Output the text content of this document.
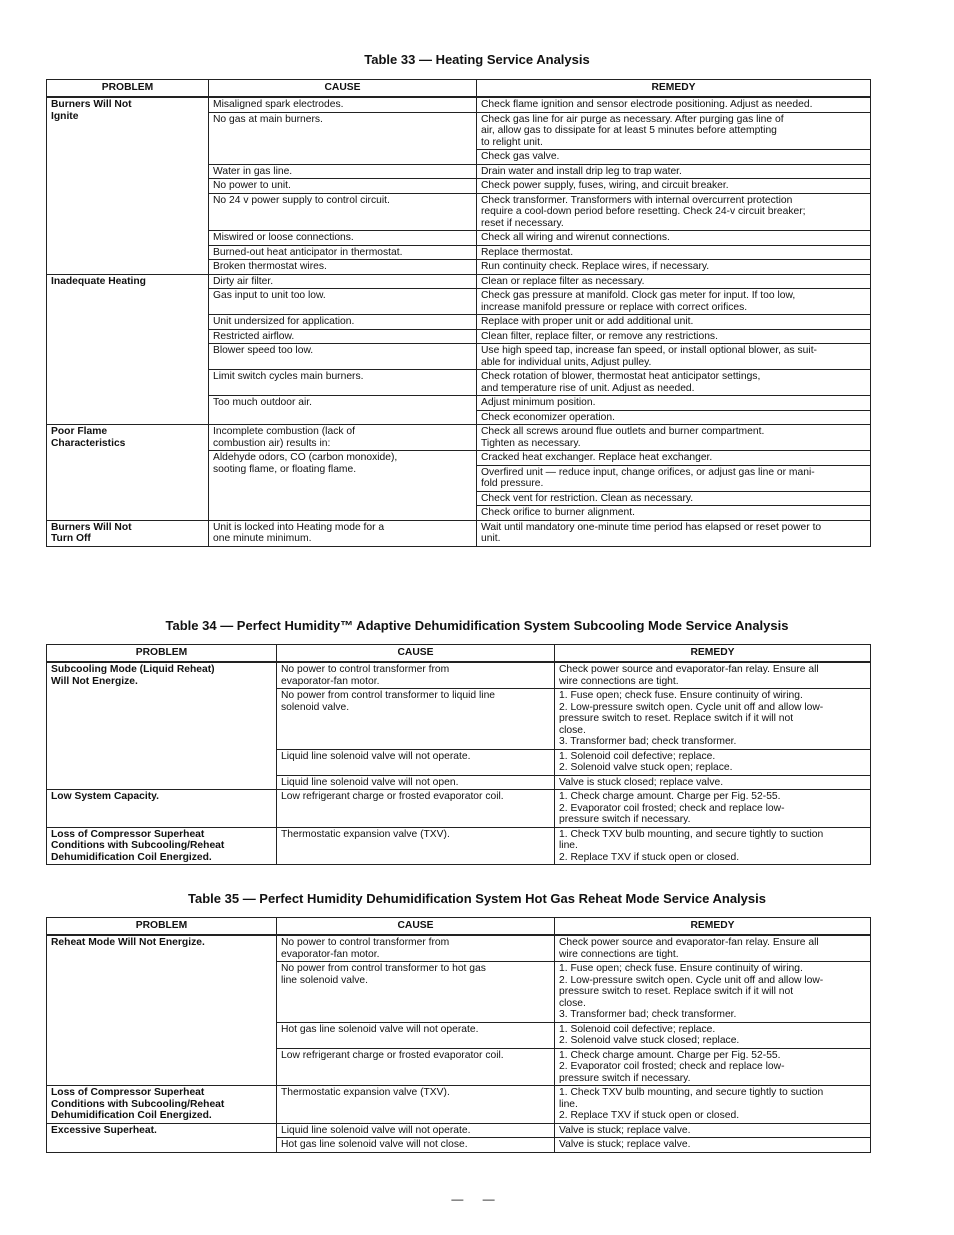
Table 33 — Heating Service Analysis
PROBLEM	CAUSE	REMEDY
Burners Will Not
Ignite	Misaligned spark electrodes.	Check flame ignition and sensor electrode positioning. Adjust as needed.
	No gas at main burners.	Check gas line for air purge as necessary. After purging gas line of
air, allow gas to dissipate for at least 5 minutes before attempting
to relight unit.
		Check gas valve.
	Water in gas line.	Drain water and install drip leg to trap water.
	No power to unit.	Check power supply, fuses, wiring, and circuit breaker.
	No 24 v power supply to control circuit.	Check transformer. Transformers with internal overcurrent protection
require a cool-down period before resetting. Check 24-v circuit breaker;
reset if necessary.
	Miswired or loose connections.	Check all wiring and wirenut connections.
	Burned-out heat anticipator in thermostat.	Replace thermostat.
	Broken thermostat wires.	Run continuity check. Replace wires, if necessary.
Inadequate Heating	Dirty air filter.	Clean or replace filter as necessary.
	Gas input to unit too low.	Check gas pressure at manifold. Clock gas meter for input. If too low,
increase manifold pressure or replace with correct orifices.
	Unit undersized for application.	Replace with proper unit or add additional unit.
	Restricted airflow.	Clean filter, replace filter, or remove any restrictions.
	Blower speed too low.	Use high speed tap, increase fan speed, or install optional blower, as suit-
able for individual units, Adjust pulley.
	Limit switch cycles main burners.	Check rotation of blower, thermostat heat anticipator settings,
and temperature rise of unit. Adjust as needed.
	Too much outdoor air.	Adjust minimum position.
		Check economizer operation.
Poor Flame
Characteristics	Incomplete combustion (lack of
combustion air) results in:	Check all screws around flue outlets and burner compartment.
Tighten as necessary.
	Aldehyde odors, CO (carbon monoxide),
sooting flame, or floating flame.	Cracked heat exchanger. Replace heat exchanger.
		Overfired unit — reduce input, change orifices, or adjust gas line or mani-
fold pressure.
		Check vent for restriction. Clean as necessary.
		Check orifice to burner alignment.
Burners Will Not
Turn Off	Unit is locked into Heating mode for a
one minute minimum.	Wait until mandatory one-minute time period has elapsed or reset power to
unit.
Table 34 — Perfect Humidity™ Adaptive Dehumidification System Subcooling Mode Service Analysis
PROBLEM	CAUSE	REMEDY
Subcooling Mode (Liquid Reheat)
Will Not Energize.	No power to control transformer from
evaporator-fan motor.	Check power source and evaporator-fan relay. Ensure all
wire connections are tight.
	No power from control transformer to liquid line
solenoid valve.	1. Fuse open; check fuse. Ensure continuity of wiring.
2. Low-pressure switch open. Cycle unit off and allow low-
pressure switch to reset. Replace switch if it will not
close.
3. Transformer bad; check transformer.
	Liquid line solenoid valve will not operate.	1. Solenoid coil defective; replace.
2. Solenoid valve stuck open; replace.
	Liquid line solenoid valve will not open.	Valve is stuck closed; replace valve.
Low System Capacity.	Low refrigerant charge or frosted evaporator coil.	1. Check charge amount. Charge per Fig. 52-55.
2. Evaporator coil frosted; check and replace low-
pressure switch if necessary.
Loss of Compressor Superheat
Conditions with Subcooling/Reheat
Dehumidification Coil Energized.	Thermostatic expansion valve (TXV).	1. Check TXV bulb mounting, and secure tightly to suction
line.
2. Replace TXV if stuck open or closed.
Table 35 — Perfect Humidity Dehumidification System Hot Gas Reheat Mode Service Analysis
PROBLEM	CAUSE	REMEDY
Reheat Mode Will Not Energize.	No power to control transformer from
evaporator-fan motor.	Check power source and evaporator-fan relay. Ensure all
wire connections are tight.
	No power from control transformer to hot gas
line solenoid valve.	1. Fuse open; check fuse. Ensure continuity of wiring.
2. Low-pressure switch open. Cycle unit off and allow low-
pressure switch to reset. Replace switch if it will not
close.
3. Transformer bad; check transformer.
	Hot gas line solenoid valve will not operate.	1. Solenoid coil defective; replace.
2. Solenoid valve stuck closed; replace.
	Low refrigerant charge or frosted evaporator coil.	1. Check charge amount. Charge per Fig. 52-55.
2. Evaporator coil frosted; check and replace low-
pressure switch if necessary.
Loss of Compressor Superheat
Conditions with Subcooling/Reheat
Dehumidification Coil Energized.	Thermostatic expansion valve (TXV).	1. Check TXV bulb mounting, and secure tightly to suction
line.
2. Replace TXV if stuck open or closed.
Excessive Superheat.	Liquid line solenoid valve will not operate.	Valve is stuck; replace valve.
	Hot gas line solenoid valve will not close.	Valve is stuck; replace valve.
— —
